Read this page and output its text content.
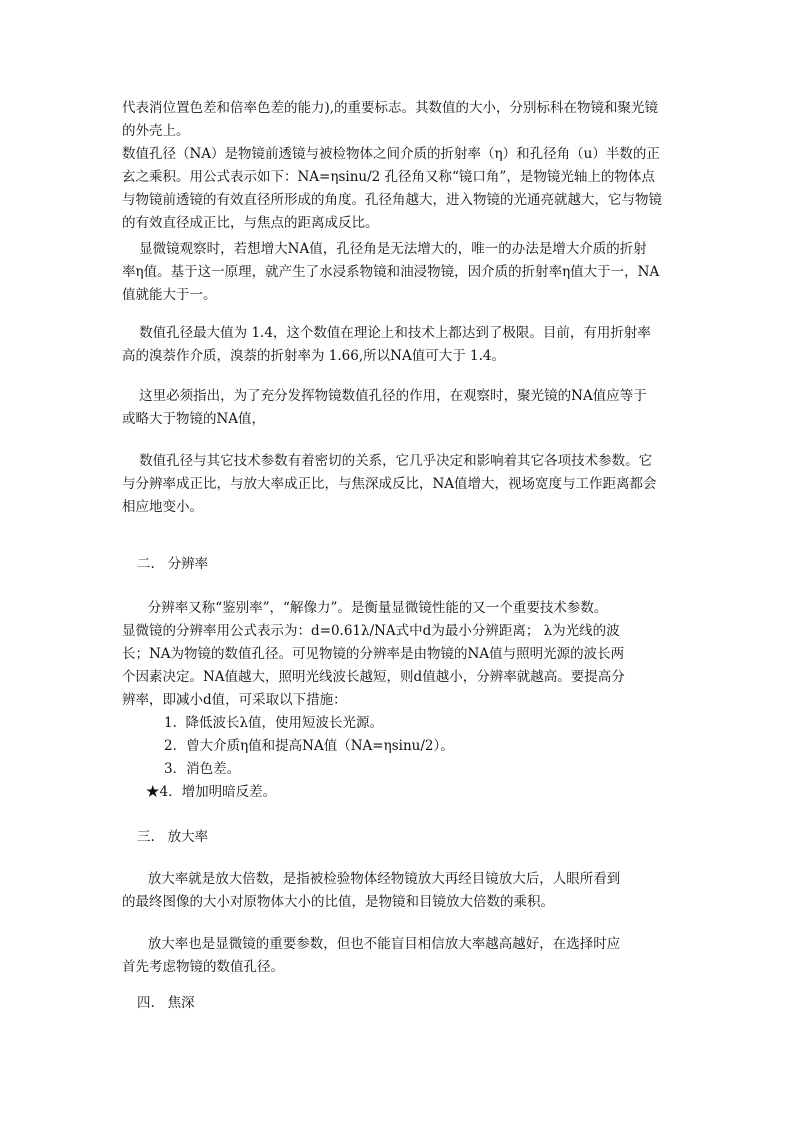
代表消位置色差和倍率色差的能力),的重要标志。其数值的大小，分别标科在物镜和聚光镜
的外壳上。
数值孔径（NA）是物镜前透镜与被检物体之间介质的折射率（η）和孔径角（u）半数的正
玄之乘积。用公式表示如下：NA=ηsinu/2 孔径角又称“镜口角”，是物镜光轴上的物体点
与物镜前透镜的有效直径所形成的角度。孔径角越大，进入物镜的光通亮就越大，它与物镜
的有效直径成正比，与焦点的距离成反比。
显微镜观察时，若想增大NA值，孔径角是无法增大的，唯一的办法是增大介质的折射
率η值。基于这一原理，就产生了水浸系物镜和油浸物镜，因介质的折射率η值大于一，NA
值就能大于一。
数值孔径最大值为 1.4，这个数值在理论上和技术上都达到了极限。目前，有用折射率
高的溴萘作介质，溴萘的折射率为 1.66,所以NA值可大于 1.4。
这里必须指出，为了充分发挥物镜数值孔径的作用，在观察时，聚光镜的NA值应等于
或略大于物镜的NA值，
数值孔径与其它技术参数有着密切的关系，它几乎决定和影响着其它各项技术参数。它
与分辨率成正比，与放大率成正比，与焦深成反比，NA值增大，视场宽度与工作距离都会
相应地变小。
二.   分辨率
分辨率又称“鉴别率”，“解像力”。是衡量显微镜性能的又一个重要技术参数。
显微镜的分辨率用公式表示为：d=0.61λ/NA式中d为最小分辨距离； λ为光线的波
长；NA为物镜的数值孔径。可见物镜的分辨率是由物镜的NA值与照明光源的波长两
个因素决定。NA值越大，照明光线波长越短，则d值越小，分辨率就越高。要提高分
辨率，即减小d值，可采取以下措施：
1.  降低波长λ值，使用短波长光源。
2．曾大介质η值和提高NA值（NA=ηsinu/2）。
3．消色差。
★4．增加明暗反差。
三.   放大率
放大率就是放大倍数，是指被检验物体经物镜放大再经目镜放大后，人眼所看到
的最终图像的大小对原物体大小的比值，是物镜和目镜放大倍数的乘积。
放大率也是显微镜的重要参数，但也不能盲目相信放大率越高越好，在选择时应
首先考虑物镜的数值孔径。
四.   焦深
